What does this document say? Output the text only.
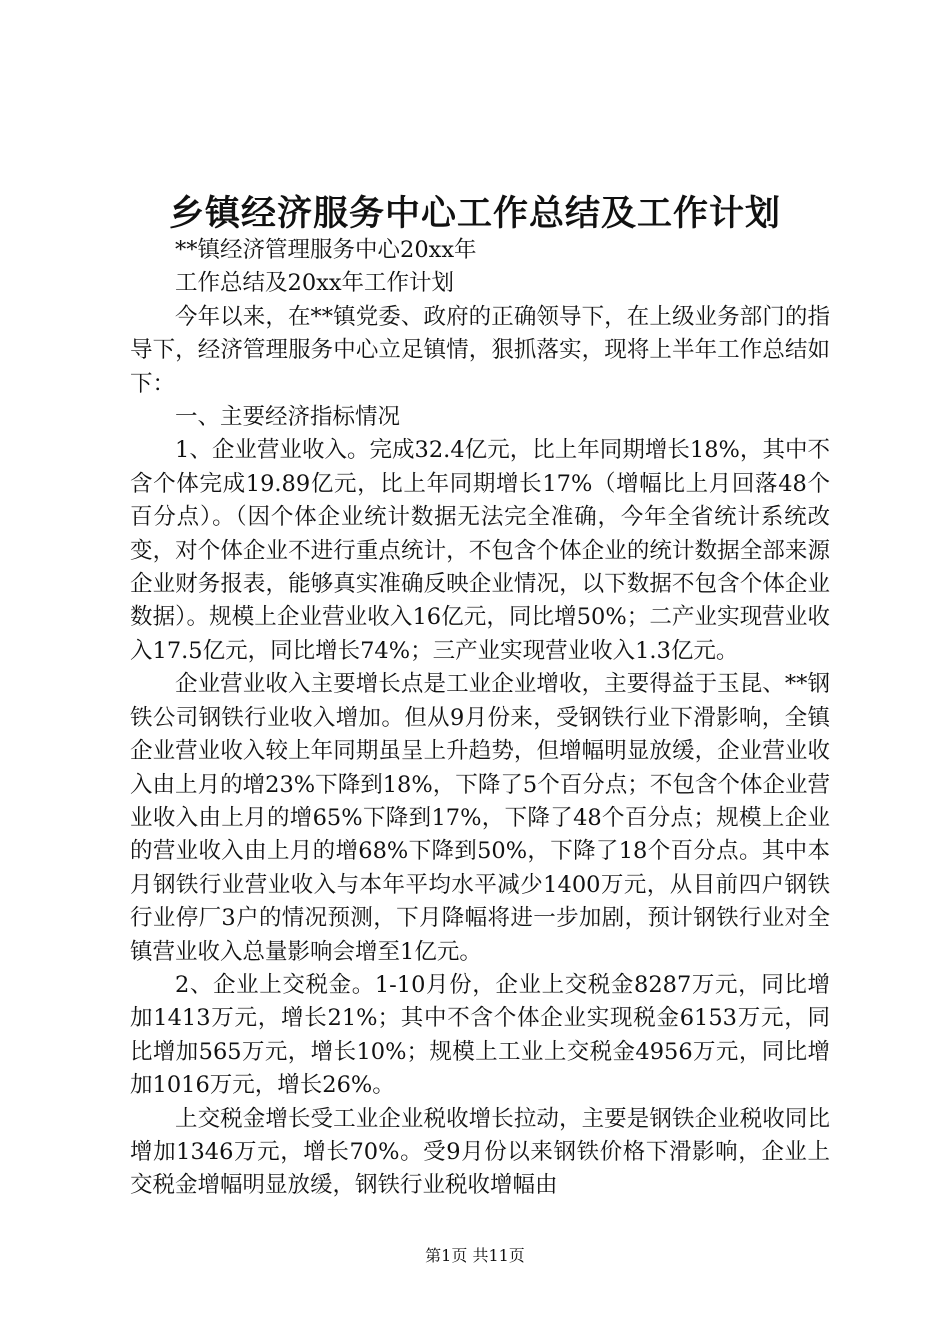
乡镇经济服务中心工作总结及工作计划

**镇经济管理服务中心20xx年

工作总结及20xx年工作计划

今年以来，在**镇党委、政府的正确领导下，在上级业务部门的指导下，经济管理服务中心立足镇情，狠抓落实，现将上半年工作总结如下：

一、主要经济指标情况

1、企业营业收入。完成32.4亿元，比上年同期增长18%，其中不含个体完成19.89亿元，比上年同期增长17%（增幅比上月回落48个百分点）。（因个体企业统计数据无法完全准确，今年全省统计系统改变，对个体企业不进行重点统计，不包含个体企业的统计数据全部来源企业财务报表，能够真实准确反映企业情况，以下数据不包含个体企业数据）。规模上企业营业收入16亿元，同比增50%；二产业实现营业收入17.5亿元，同比增长74%；三产业实现营业收入1.3亿元。

企业营业收入主要增长点是工业企业增收，主要得益于玉昆、**钢铁公司钢铁行业收入增加。但从9月份来，受钢铁行业下滑影响，全镇企业营业收入较上年同期虽呈上升趋势，但增幅明显放缓，企业营业收入由上月的增23%下降到18%，下降了5个百分点；不包含个体企业营业收入由上月的增65%下降到17%，下降了48个百分点；规模上企业的营业收入由上月的增68%下降到50%，下降了18个百分点。其中本月钢铁行业营业收入与本年平均水平减少1400万元，从目前四户钢铁行业停厂3户的情况预测，下月降幅将进一步加剧，预计钢铁行业对全镇营业收入总量影响会增至1亿元。

2、企业上交税金。1-10月份，企业上交税金8287万元，同比增加1413万元，增长21%；其中不含个体企业实现税金6153万元，同比增加565万元，增长10%；规模上工业上交税金4956万元，同比增加1016万元，增长26%。

上交税金增长受工业企业税收增长拉动，主要是钢铁企业税收同比增加1346万元，增长70%。受9月份以来钢铁价格下滑影响，企业上交税金增幅明显放缓，钢铁行业税收增幅由

第1页 共11页
